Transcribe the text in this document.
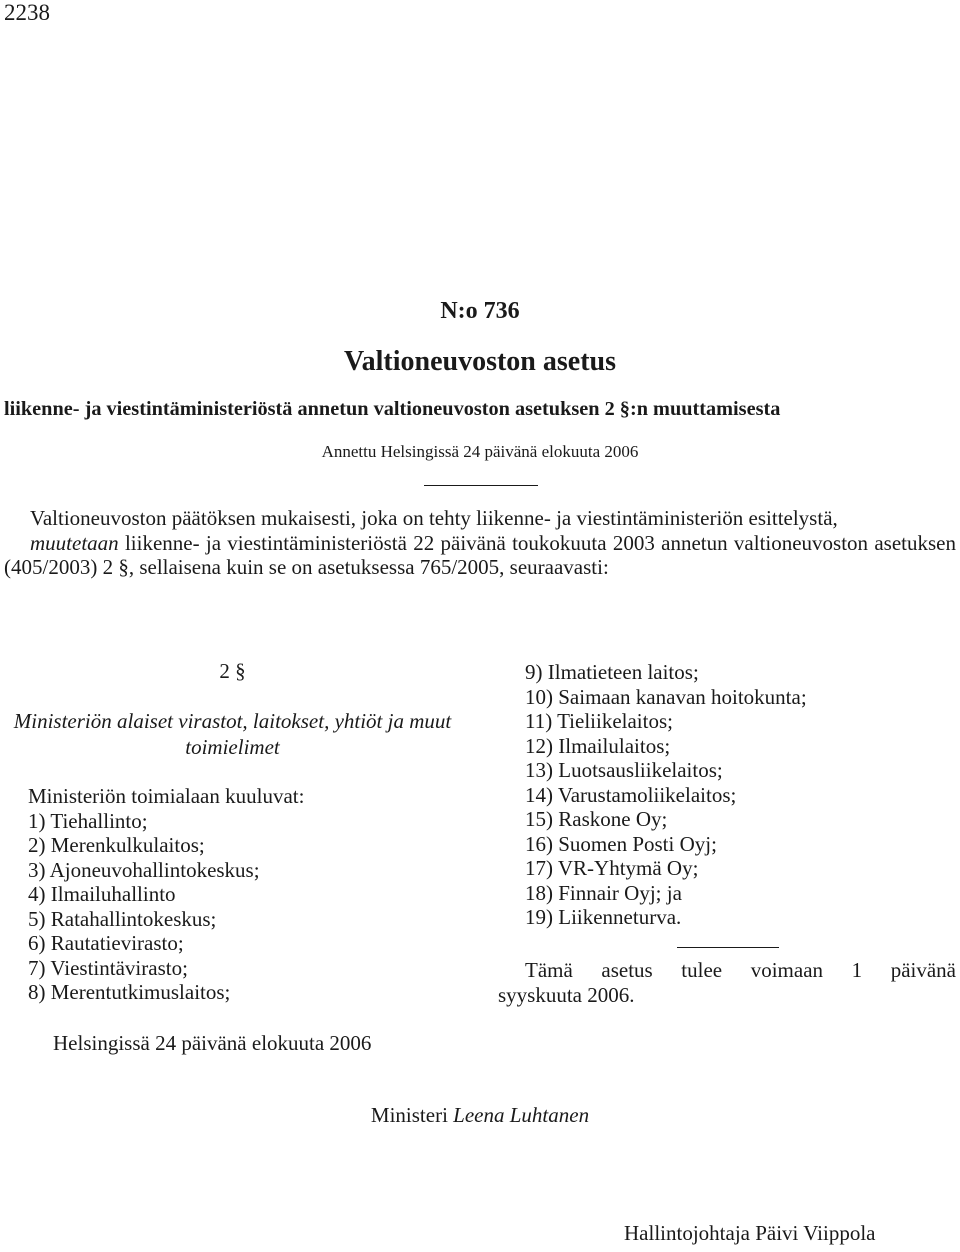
2238
N:o 736
Valtioneuvoston asetus
liikenne- ja viestintäministeriöstä annetun valtioneuvoston asetuksen 2 §:n muuttamisesta
Annettu Helsingissä 24 päivänä elokuuta 2006

Valtioneuvoston päätöksen mukaisesti, joka on tehty liikenne- ja viestintäministeriön esittelystä,

muutetaan liikenne- ja viestintäministeriöstä 22 päivänä toukokuuta 2003 annetun valtioneuvoston asetuksen (405/2003) 2 §, sellaisena kuin se on asetuksessa 765/2005, seuraavasti:

2 §
Ministeriön alaiset virastot, laitokset, yhtiöt ja muut toimielimet
Ministeriön toimialaan kuuluvat:
1) Tiehallinto;
2) Merenkulkulaitos;
3) Ajoneuvohallintokeskus;
4) Ilmailuhallinto
5) Ratahallintokeskus;
6) Rautatievirasto;
7) Viestintävirasto;
8) Merentutkimuslaitos;
9) Ilmatieteen laitos;
10) Saimaan kanavan hoitokunta;
11) Tieliikelaitos;
12) Ilmailulaitos;
13) Luotsausliikelaitos;
14) Varustamoliikelaitos;
15) Raskone Oy;
16) Suomen Posti Oyj;
17) VR-Yhtymä Oy;
18) Finnair Oyj; ja
19) Liikenneturva.
Tämä asetus tulee voimaan 1 päivänä
syyskuuta 2006.
Helsingissä 24 päivänä elokuuta 2006
Ministeri Leena Luhtanen
Hallintojohtaja Päivi Viippola
